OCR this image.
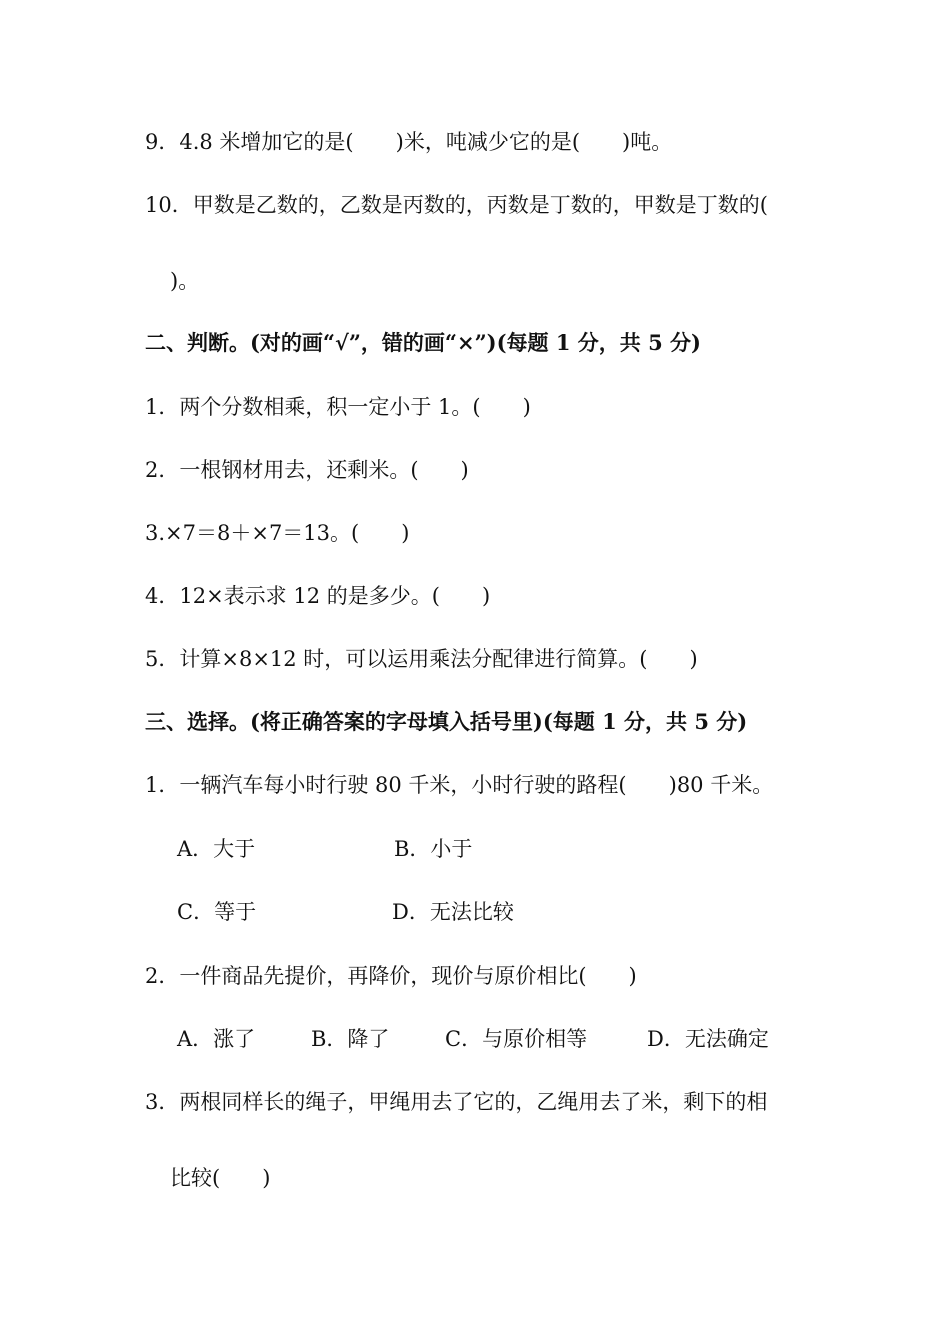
9．4.8 米增加它的是(　　)米，吨减少它的是(　　)吨。

10．甲数是乙数的，乙数是丙数的，丙数是丁数的，甲数是丁数的(

)。

二、判断。(对的画“√”，错的画“×”)(每题 1 分，共 5 分)

1．两个分数相乘，积一定小于 1。(　　)

2．一根钢材用去，还剩米。(　　)

3.×7＝8＋×7＝13。(　　)

4．12×表示求 12 的是多少。(　　)

5．计算×8×12 时，可以运用乘法分配律进行简算。(　　)

三、选择。(将正确答案的字母填入括号里)(每题 1 分，共 5 分)

1．一辆汽车每小时行驶 80 千米，小时行驶的路程(　　)80 千米。

A．大于	B．小于
C．等于	D．无法比较

2．一件商品先提价，再降价，现价与原价相比(　　)

A．涨了	B．降了	C．与原价相等	D．无法确定

3．两根同样长的绳子，甲绳用去了它的，乙绳用去了米，剩下的相

比较(　　)
